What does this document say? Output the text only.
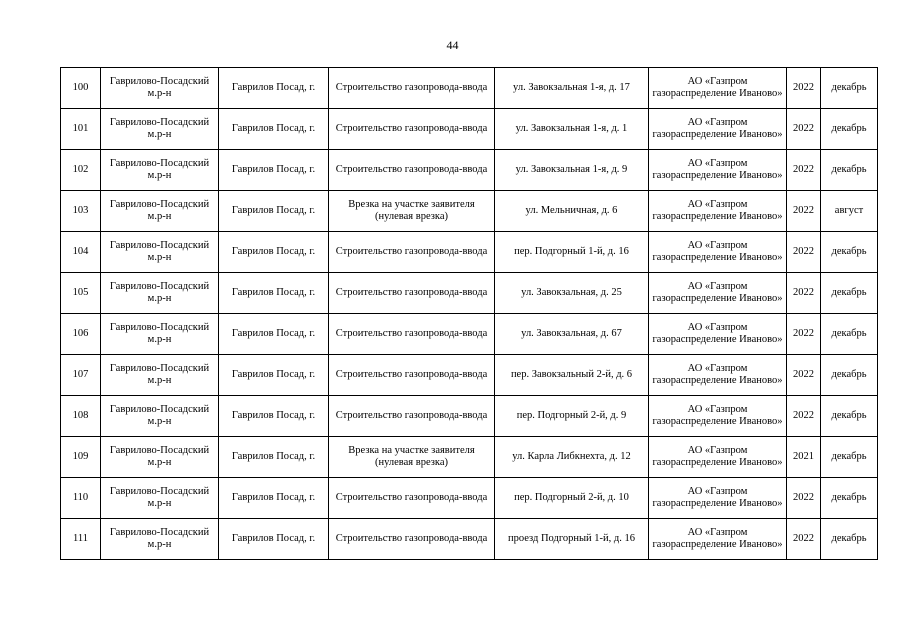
44
100	Гаврилово-Посадский м.р-н	Гаврилов Посад, г.	Строительство газопровода-ввода	ул. Завокзальная 1-я, д. 17	АО «Газпром газораспределение Иваново»	2022	декабрь
101	Гаврилово-Посадский м.р-н	Гаврилов Посад, г.	Строительство газопровода-ввода	ул. Завокзальная 1-я, д. 1	АО «Газпром газораспределение Иваново»	2022	декабрь
102	Гаврилово-Посадский м.р-н	Гаврилов Посад, г.	Строительство газопровода-ввода	ул. Завокзальная 1-я, д. 9	АО «Газпром газораспределение Иваново»	2022	декабрь
103	Гаврилово-Посадский м.р-н	Гаврилов Посад, г.	Врезка на участке заявителя (нулевая врезка)	ул. Мельничная, д. 6	АО «Газпром газораспределение Иваново»	2022	август
104	Гаврилово-Посадский м.р-н	Гаврилов Посад, г.	Строительство газопровода-ввода	пер. Подгорный 1-й, д. 16	АО «Газпром газораспределение Иваново»	2022	декабрь
105	Гаврилово-Посадский м.р-н	Гаврилов Посад, г.	Строительство газопровода-ввода	ул. Завокзальная, д. 25	АО «Газпром газораспределение Иваново»	2022	декабрь
106	Гаврилово-Посадский м.р-н	Гаврилов Посад, г.	Строительство газопровода-ввода	ул. Завокзальная, д. 67	АО «Газпром газораспределение Иваново»	2022	декабрь
107	Гаврилово-Посадский м.р-н	Гаврилов Посад, г.	Строительство газопровода-ввода	пер. Завокзальный 2-й, д. 6	АО «Газпром газораспределение Иваново»	2022	декабрь
108	Гаврилово-Посадский м.р-н	Гаврилов Посад, г.	Строительство газопровода-ввода	пер. Подгорный 2-й, д. 9	АО «Газпром газораспределение Иваново»	2022	декабрь
109	Гаврилово-Посадский м.р-н	Гаврилов Посад, г.	Врезка на участке заявителя (нулевая врезка)	ул. Карла Либкнехта, д. 12	АО «Газпром газораспределение Иваново»	2021	декабрь
110	Гаврилово-Посадский м.р-н	Гаврилов Посад, г.	Строительство газопровода-ввода	пер. Подгорный 2-й, д. 10	АО «Газпром газораспределение Иваново»	2022	декабрь
111	Гаврилово-Посадский м.р-н	Гаврилов Посад, г.	Строительство газопровода-ввода	проезд Подгорный 1-й, д. 16	АО «Газпром газораспределение Иваново»	2022	декабрь
